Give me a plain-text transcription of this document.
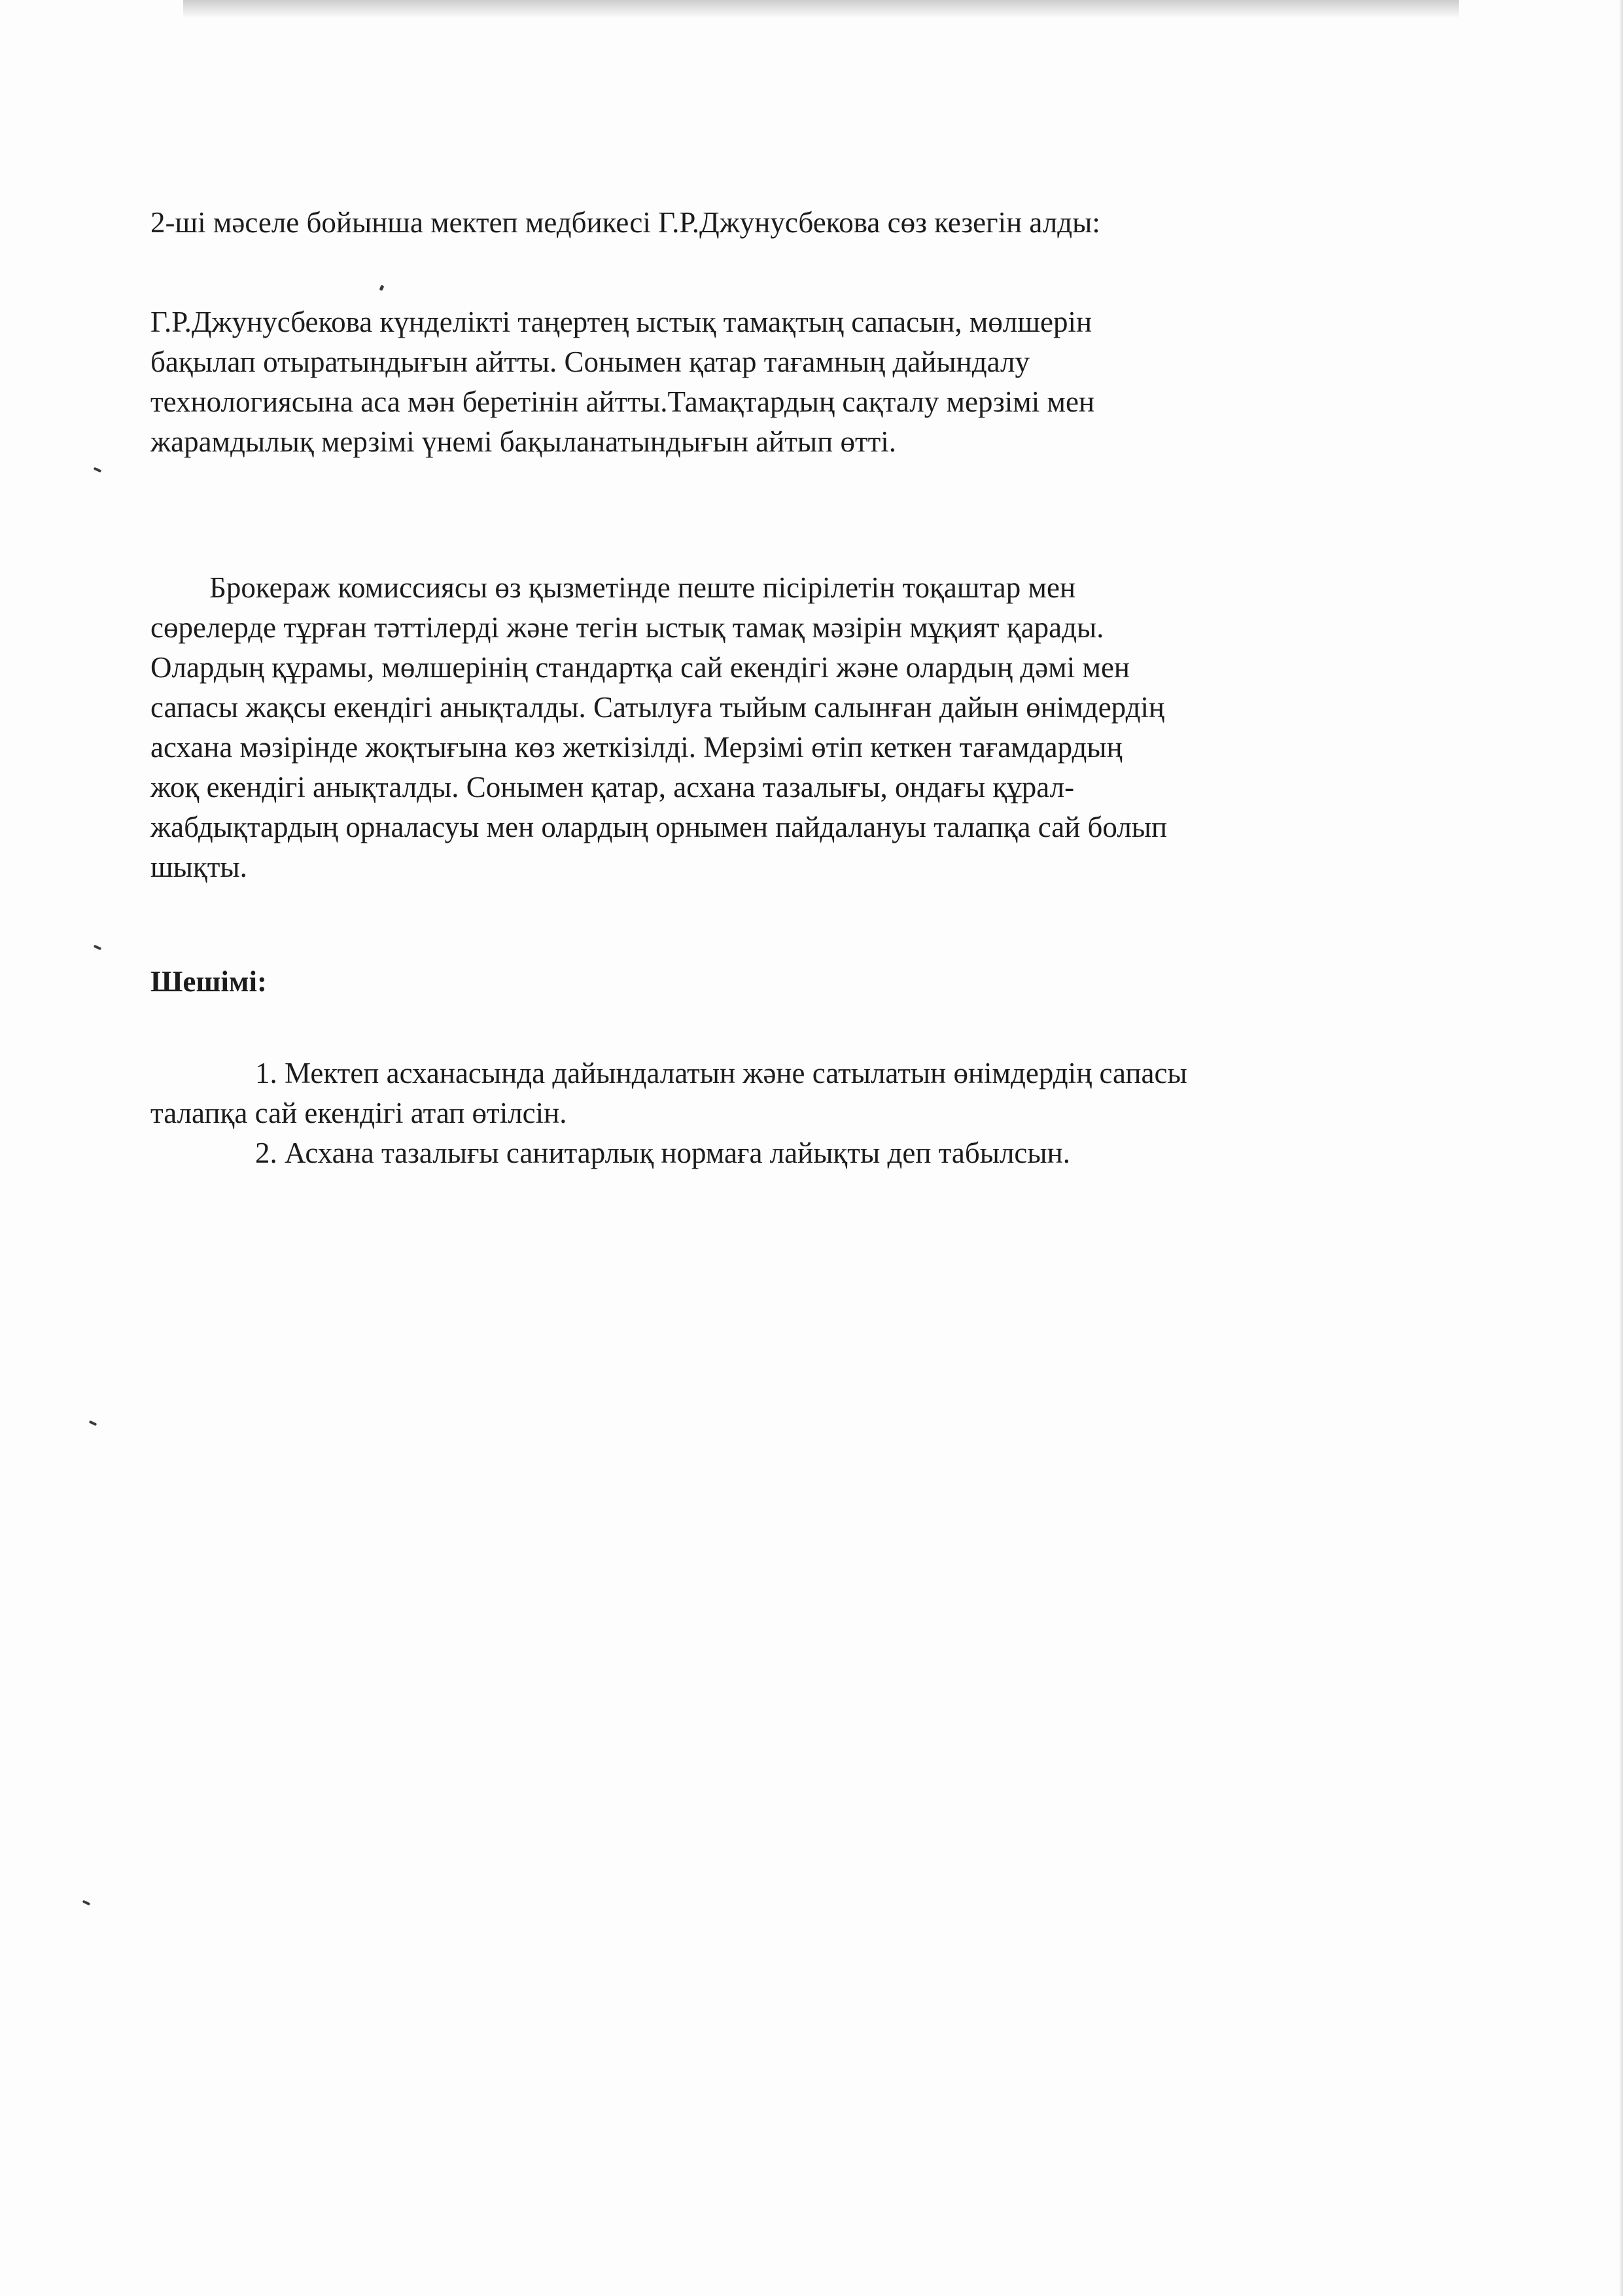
2-ші мәселе бойынша мектеп медбикесі Г.Р.Джунусбекова сөз кезегін алды:

Г.Р.Джунусбекова күнделікті таңертең ыстық тамақтың сапасын, мөлшерін
бақылап отыратындығын айтты. Сонымен қатар тағамның дайындалу
технологиясына аса мән беретінін айтты.Тамақтардың сақталу мерзімі мен
жарамдылық мерзімі үнемі бақыланатындығын айтып өтті.

Брокераж комиссиясы өз қызметінде пеште пісірілетін тоқаштар мен
сөрелерде тұрған тәттілерді және тегін ыстық тамақ мәзірін мұқият қарады.
Олардың құрамы, мөлшерінің стандартқа сай екендігі және олардың дәмі мен
сапасы жақсы екендігі анықталды. Сатылуға тыйым салынған дайын өнімдердің
асхана мәзірінде жоқтығына көз жеткізілді. Мерзімі өтіп кеткен тағамдардың
жоқ екендігі анықталды. Сонымен қатар, асхана тазалығы, ондағы құрал-
жабдықтардың орналасуы мен олардың орнымен пайдалануы талапқа сай болып
шықты.

Шешімі:

1. Мектеп асханасында дайындалатын және сатылатын өнімдердің сапасы
талапқа сай екендігі атап өтілсін.
2. Асхана тазалығы санитарлық нормаға лайықты деп табылсын.
